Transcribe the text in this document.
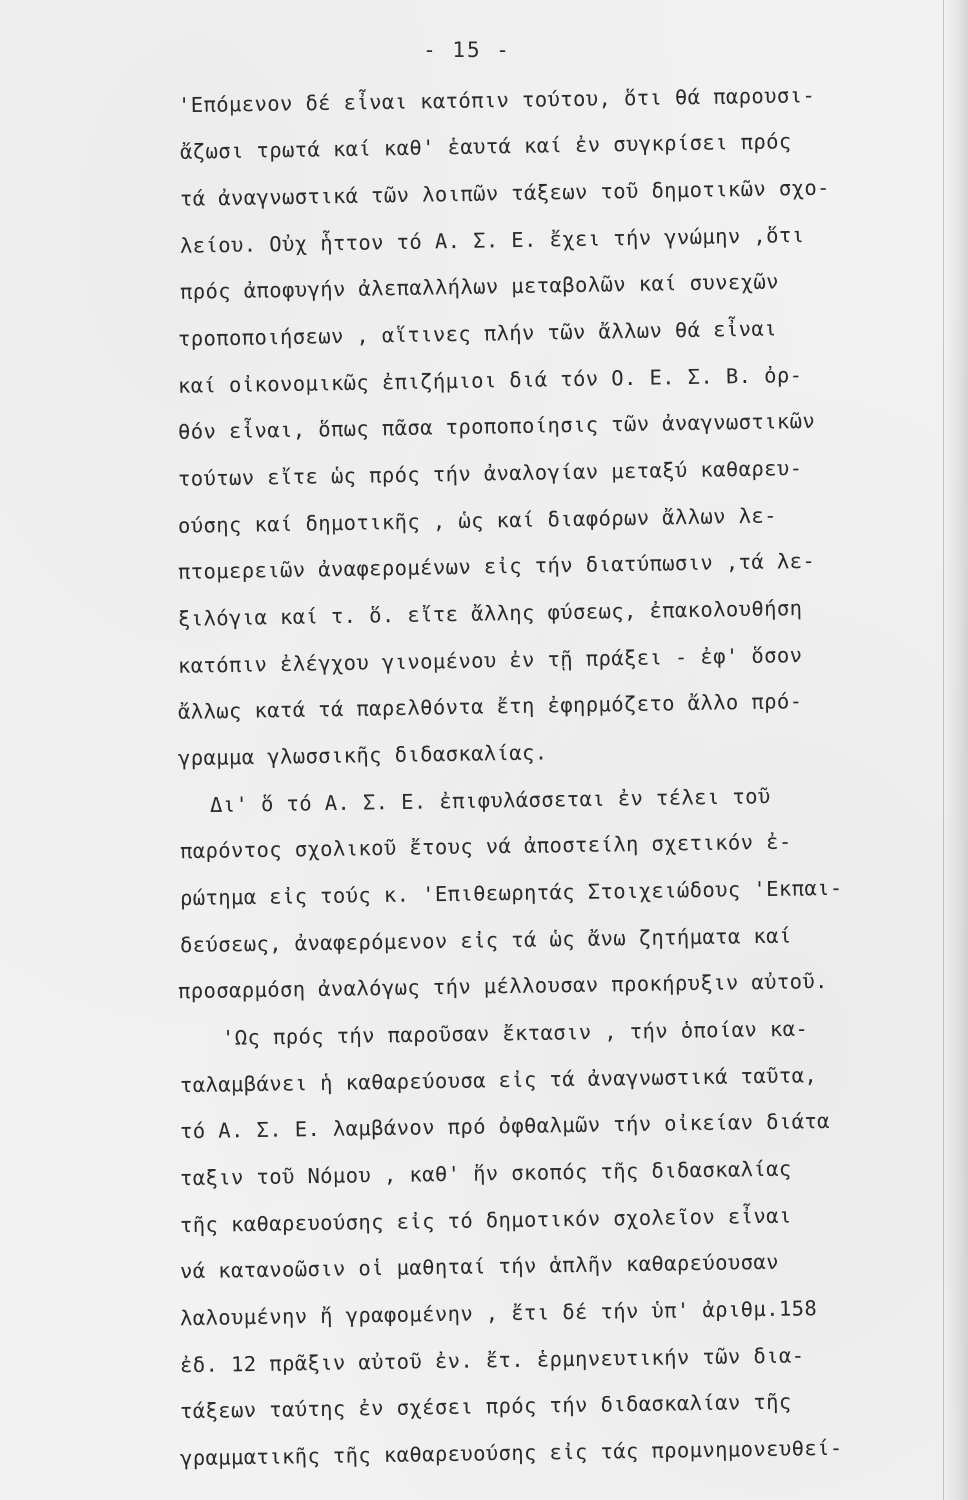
- 15 -
'Επόμενον δέ εἶναι κατόπιν τούτου, ὅτι θά παρουσι-
ἄζωσι τρωτά καί καθ' ἑαυτά καί ἐν συγκρίσει πρός
τά ἀναγνωστικά τῶν λοιπῶν τάξεων τοῦ δημοτικῶν σχο-
λείου. Οὐχ ἧττον τό Α. Σ. Ε. ἔχει τήν γνώμην ,ὅτι
πρός ἀποφυγήν ἀλεπαλλήλων μεταβολῶν καί συνεχῶν
τροποποιήσεων , αἵτινες πλήν τῶν ἄλλων θά εἶναι
καί οἰκονομικῶς ἐπιζήμιοι διά τόν Ο. Ε. Σ. Β. ὀρ-
θόν εἶναι, ὅπως πᾶσα τροποποίησις τῶν ἀναγνωστικῶν
τούτων εἴτε ὡς πρός τήν ἀναλογίαν μεταξύ καθαρευ-
ούσης καί δημοτικῆς , ὡς καί διαφόρων ἄλλων λε-
πτομερειῶν ἀναφερομένων εἰς τήν διατύπωσιν ,τά λε-
ξιλόγια καί τ. ὅ. εἴτε ἄλλης φύσεως, ἐπακολουθήση
κατόπιν ἐλέγχου γινομένου ἐν τῇ πράξει - ἐφ' ὅσον
ἄλλως κατά τά παρελθόντα ἔτη ἐφηρμόζετο ἄλλο πρό-
γραμμα γλωσσικῆς διδασκαλίας.
Δι' ὅ τό Α. Σ. Ε. ἐπιφυλάσσεται ἐν τέλει τοῦ
παρόντος σχολικοῦ ἔτους νά ἀποστείλη σχετικόν ἐ-
ρώτημα εἰς τούς κ. 'Επιθεωρητάς Στοιχειώδους 'Εκπαι-
δεύσεως, ἀναφερόμενον εἰς τά ὡς ἄνω ζητήματα καί
προσαρμόση ἀναλόγως τήν μέλλουσαν προκήρυξιν αὐτοῦ.
'Ως πρός τήν παροῦσαν ἔκτασιν , τήν ὁποίαν κα-
ταλαμβάνει ἡ καθαρεύουσα εἰς τά ἀναγνωστικά ταῦτα,
τό Α. Σ. Ε. λαμβάνον πρό ὀφθαλμῶν τήν οἰκείαν διάτα
ταξιν τοῦ Νόμου , καθ' ἥν σκοπός τῆς διδασκαλίας
τῆς καθαρευούσης εἰς τό δημοτικόν σχολεῖον εἶναι
νά κατανοῶσιν οἱ μαθηταί τήν ἁπλῆν καθαρεύουσαν
λαλουμένην ἤ γραφομένην , ἔτι δέ τήν ὑπ' ἀριθμ.158
ἐδ. 12 πρᾶξιν αὐτοῦ ἐν. ἔτ. ἑρμηνευτικήν τῶν δια-
τάξεων ταύτης ἐν σχέσει πρός τήν διδασκαλίαν τῆς
γραμματικῆς τῆς καθαρευούσης εἰς τάς προμνημονευθεί-
